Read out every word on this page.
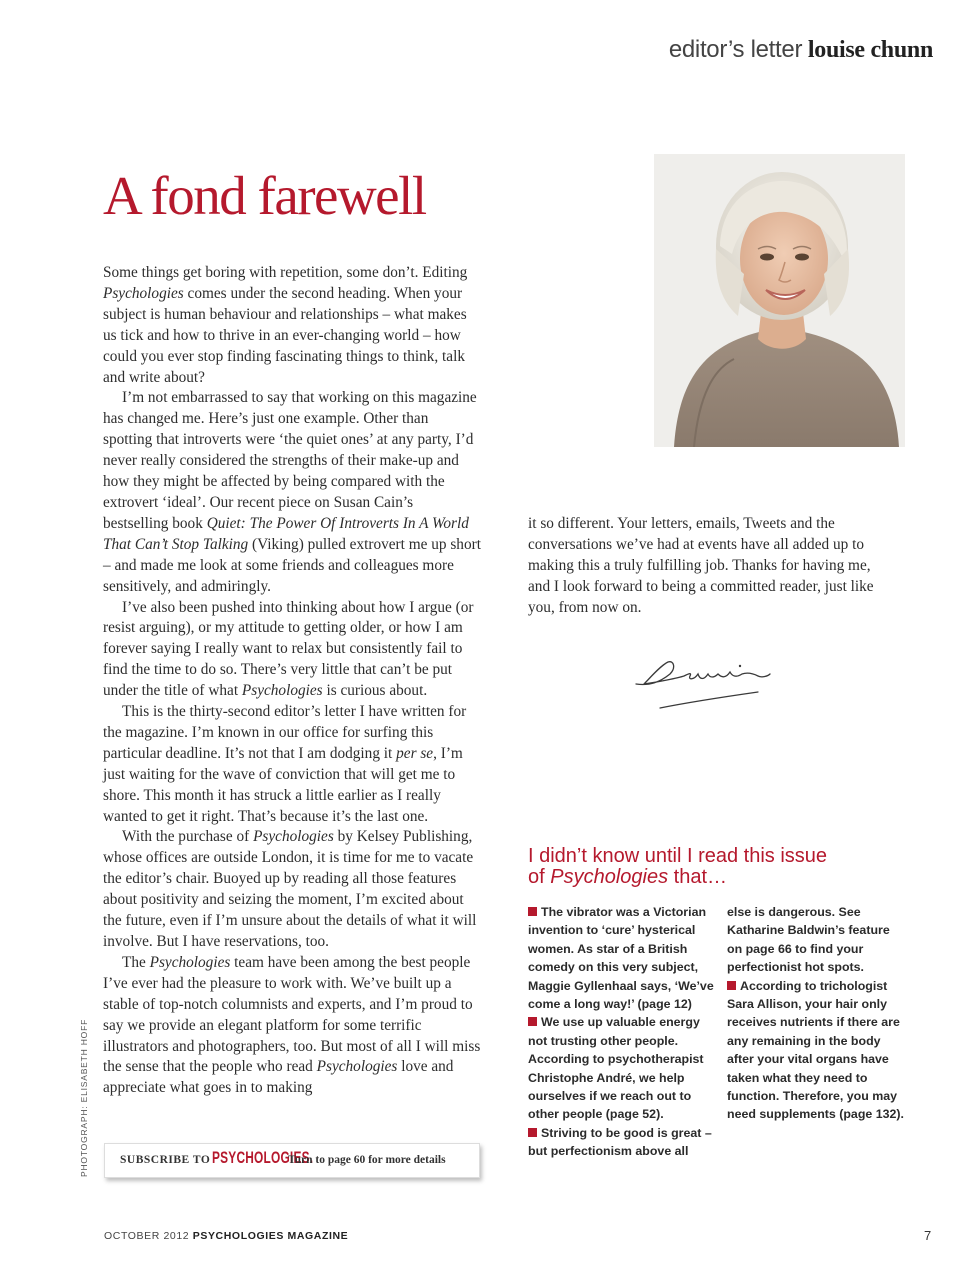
editor’s letter louise chunn
A fond farewell

Some things get boring with repetition, some don’t. Editing Psychologies comes under the second heading. When your subject is human behaviour and relationships – what makes us tick and how to thrive in an ever-changing world – how could you ever stop finding fascinating things to think, talk and write about?

I’m not embarrassed to say that working on this magazine has changed me. Here’s just one example. Other than spotting that introverts were ‘the quiet ones’ at any party, I’d never really considered the strengths of their make-up and how they might be affected by being compared with the extrovert ‘ideal’. Our recent piece on Susan Cain’s bestselling book Quiet: The Power Of Introverts In A World That Can’t Stop Talking (Viking) pulled extrovert me up short – and made me look at some friends and colleagues more sensitively, and admiringly.

I’ve also been pushed into thinking about how I argue (or resist arguing), or my attitude to getting older, or how I am forever saying I really want to relax but consistently fail to find the time to do so. There’s very little that can’t be put under the title of what Psychologies is curious about.

This is the thirty-second editor’s letter I have written for the magazine. I’m known in our office for surfing this particular deadline. It’s not that I am dodging it per se, I’m just waiting for the wave of conviction that will get me to shore. This month it has struck a little earlier as I really wanted to get it right. That’s because it’s the last one.

With the purchase of Psychologies by Kelsey Publishing, whose offices are outside London, it is time for me to vacate the editor’s chair. Buoyed up by reading all those features about positivity and seizing the moment, I’m excited about the future, even if I’m unsure about the details of what it will involve. But I have reservations, too.

The Psychologies team have been among the best people I’ve ever had the pleasure to work with. We’ve built up a stable of top-notch columnists and experts, and I’m proud to say we provide an elegant platform for some terrific illustrators and photographers, too. But most of all I will miss the sense that the people who read Psychologies love and appreciate what goes in to making

it so different. Your letters, emails, Tweets and the conversations we’ve had at events have all added up to making this a truly fulfilling job. Thanks for having me, and I look forward to being a committed reader, just like you, from now on.

I didn’t know until I read this issue of Psychologies that…
The vibrator was a Victorian invention to ‘cure’ hysterical women. As star of a British comedy on this very subject, Maggie Gyllenhaal says, ‘We’ve come a long way!’ (page 12)
We use up valuable energy not trusting other people. According to psychotherapist Christophe André, we help ourselves if we reach out to other people (page 52).
Striving to be good is great – but perfectionism above all
else is dangerous. See Katharine Baldwin’s feature on page 66 to find your perfectionist hot spots.
According to trichologist Sara Allison, your hair only receives nutrients if there are any remaining in the body after your vital organs have taken what they need to function. Therefore, you may need supplements (page 132).
SUBSCRIBE TO PSYCHOLOGIES.
Turn to page 60 for more details
PHOTOGRAPH: ELISABETH HOFF
OCTOBER 2012 PSYCHOLOGIES MAGAZINE	7
